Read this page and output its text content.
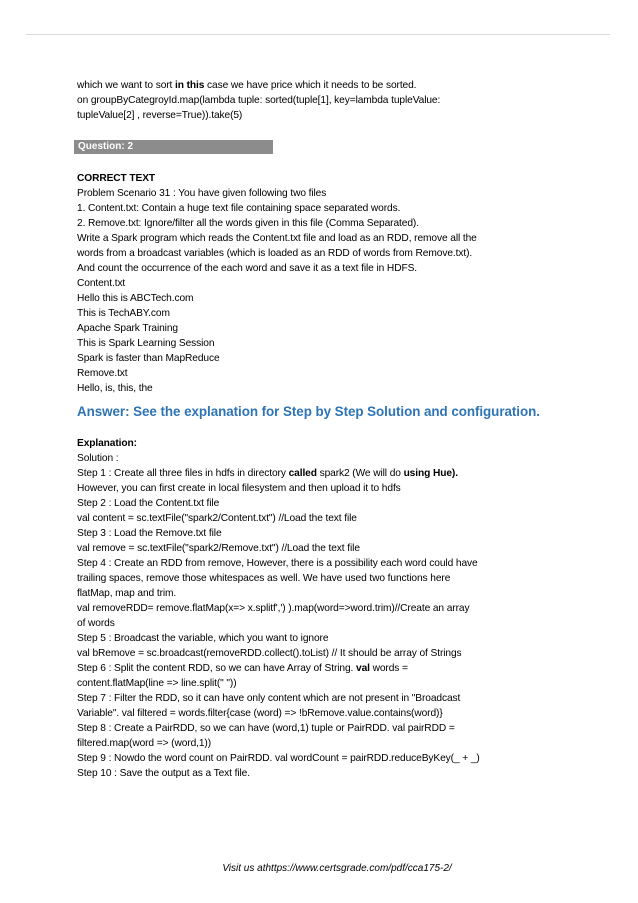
which we want to sort in this case we have price which it needs to be sorted.
on groupByCategroyId.map(lambda tuple: sorted(tuple[1], key=lambda tupleValue:
tupleValue[2] , reverse=True)).take(5)
Question: 2
CORRECT TEXT
Problem Scenario 31 : You have given following two files
1. Content.txt: Contain a huge text file containing space separated words.
2. Remove.txt: Ignore/filter all the words given in this file (Comma Separated).
Write a Spark program which reads the Content.txt file and load as an RDD, remove all the
words from a broadcast variables (which is loaded as an RDD of words from Remove.txt).
And count the occurrence of the each word and save it as a text file in HDFS.
Content.txt
Hello this is ABCTech.com
This is TechABY.com
Apache Spark Training
This is Spark Learning Session
Spark is faster than MapReduce
Remove.txt
Hello, is, this, the
Answer: See the explanation for Step by Step Solution and configuration.
Explanation:
Solution :
Step 1 : Create all three files in hdfs in directory called spark2 (We will do using Hue).
However, you can first create in local filesystem and then upload it to hdfs
Step 2 : Load the Content.txt file
val content = sc.textFile("spark2/Content.txt") //Load the text file
Step 3 : Load the Remove.txt file
val remove = sc.textFile("spark2/Remove.txt") //Load the text file
Step 4 : Create an RDD from remove, However, there is a possibility each word could have
trailing spaces, remove those whitespaces as well. We have used two functions here
flatMap, map and trim.
val removeRDD= remove.flatMap(x=> x.splitf',') ).map(word=>word.trim)//Create an array
of words
Step 5 : Broadcast the variable, which you want to ignore
val bRemove = sc.broadcast(removeRDD.collect().toList) // It should be array of Strings
Step 6 : Split the content RDD, so we can have Array of String. val words =
content.flatMap(line => line.split(" "))
Step 7 : Filter the RDD, so it can have only content which are not present in "Broadcast
Variable". val filtered = words.filter{case (word) => !bRemove.value.contains(word)}
Step 8 : Create a PairRDD, so we can have (word,1) tuple or PairRDD. val pairRDD =
filtered.map(word => (word,1))
Step 9 : Nowdo the word count on PairRDD. val wordCount = pairRDD.reduceByKey(_ + _)
Step 10 : Save the output as a Text file.
Visit us athttps://www.certsgrade.com/pdf/cca175-2/
